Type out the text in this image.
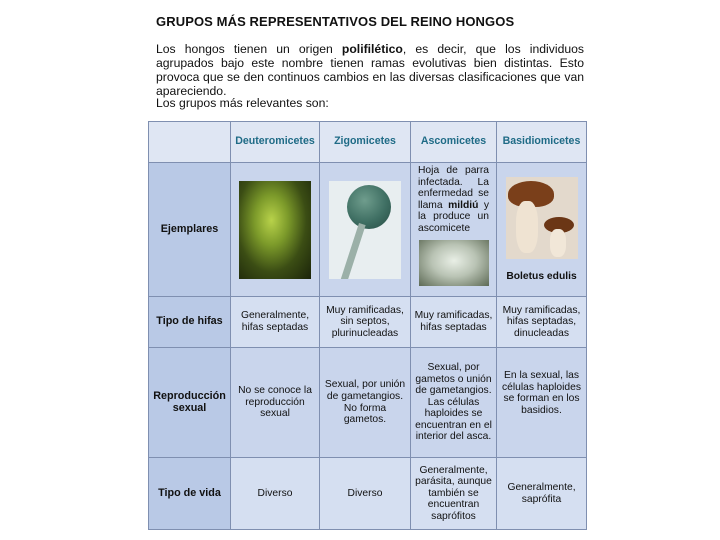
GRUPOS MÁS REPRESENTATIVOS DEL REINO HONGOS

Los hongos tienen un origen polifilético, es decir, que los individuos agrupados bajo este nombre tienen ramas evolutivas bien distintas. Esto provoca que se den continuos cambios en las diversas clasificaciones que van apareciendo.

Los grupos más relevantes son:
	Deuteromicetes	Zigomicetes	Ascomicetes	Basidiomicetes
Ejemplares			Hoja de parra infectada. La enfermedad se llama mildiú y la produce un ascomicete	Boletus edulis

Tipo de hifas	Generalmente, hifas septadas	Muy ramificadas, sin septos, plurinucleadas	Muy ramificadas, hifas septadas	Muy ramificadas, hifas septadas, dinucleadas
Reproducción sexual	No se conoce la reproducción sexual	Sexual, por unión de gametangios. No forma gametos.	Sexual, por gametos o unión de gametangios. Las células haploides se encuentran en el interior del asca.	En la sexual, las células haploides se forman en los basidios.
Tipo de vida	Diverso	Diverso	Generalmente, parásita, aunque también se encuentran saprófitos	Generalmente, saprófita
